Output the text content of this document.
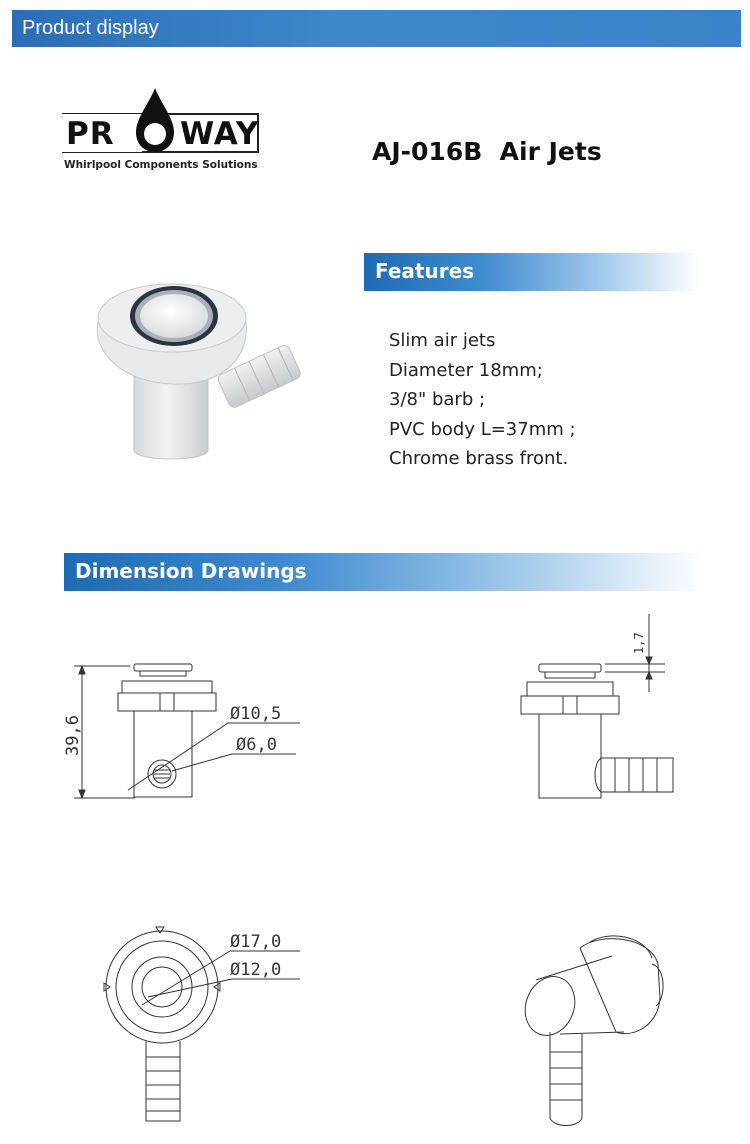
Product display
PR WAY
Whirlpool Components Solutions	AJ-016B  Air Jets
Features
Slim air jets
Diameter 18mm;
3/8" barb ;
PVC body L=37mm ;
Chrome brass front.
Dimension Drawings
39,6
Ø10,5
Ø6,0
1,7
Ø17,0
Ø12,0
